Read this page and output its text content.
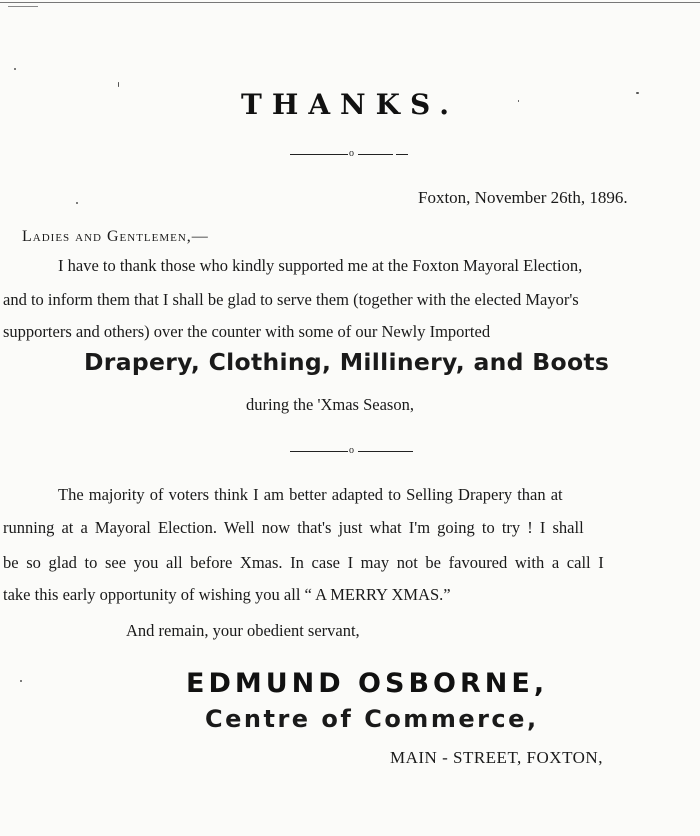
THANKS.
o
Foxton, November 26th, 1896.
Ladies and Gentlemen,—
I have to thank those who kindly supported me at the Foxton Mayoral Election,
and to inform them that I shall be glad to serve them (together with the elected Mayor's
supporters and others) over the counter with some of our Newly Imported
Drapery, Clothing, Millinery, and Boots
during the 'Xmas Season,
o
The majority of voters think I am better adapted to Selling Drapery than at
running at a Mayoral Election. Well now that's just what I'm going to try ! I shall
be so glad to see you all before Xmas. In case I may not be favoured with a call I
take this early opportunity of wishing you all “ A MERRY XMAS.”
And remain, your obedient servant,
EDMUND OSBORNE,
Centre of Commerce,
MAIN - STREET, FOXTON,
